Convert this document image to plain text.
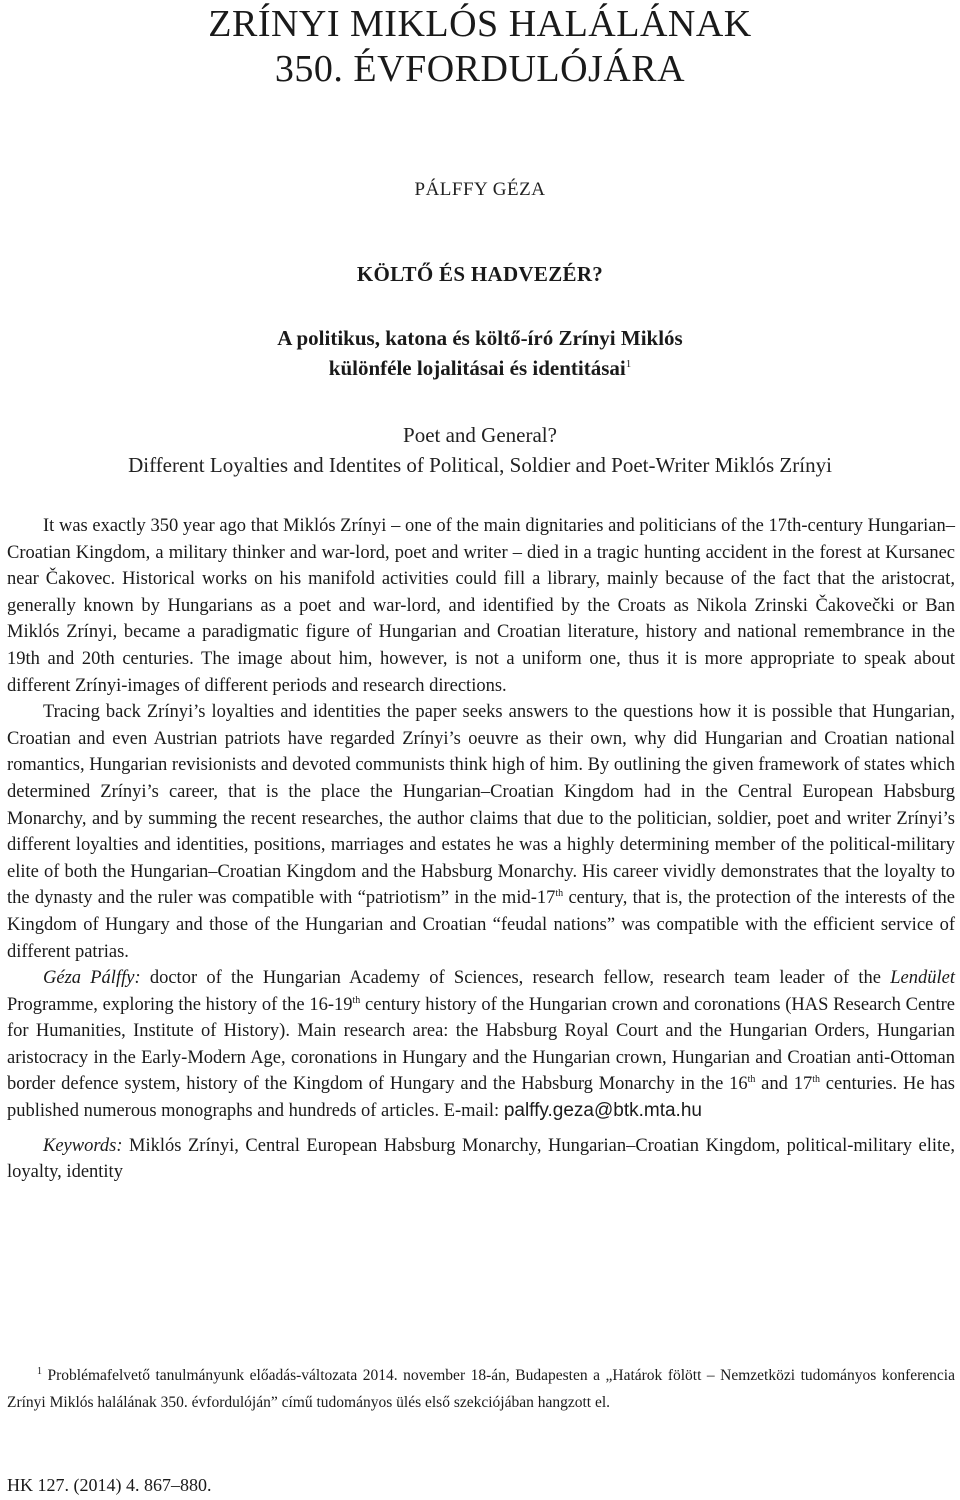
ZRÍNYI MIKLÓS HALÁLÁNAK
350. ÉVFORDULÓJÁRA
PÁLFFY GÉZA
KÖLTŐ ÉS HADVEZÉR?
A politikus, katona és költő-író Zrínyi Miklós
különféle lojalitásai és identitásai$^1$
Poet and General?
Different Loyalties and Identites of Political, Soldier and Poet-Writer Miklós Zrínyi

It was exactly 350 year ago that Miklós Zrínyi – one of the main dignitaries and politicians of the 17th-century Hungarian–Croatian Kingdom, a military thinker and war-lord, poet and writer – died in a tragic hunting accident in the forest at Kursanec near Čakovec. Historical works on his manifold activities could fill a library, mainly because of the fact that the aristocrat, generally known by Hungarians as a poet and war-lord, and identified by the Croats as Nikola Zrinski Čakovečki or Ban Miklós Zrínyi, became a paradigmatic figure of Hungarian and Croatian literature, history and national remembrance in the 19th and 20th centuries. The image about him, however, is not a uniform one, thus it is more appropriate to speak about different Zrínyi-images of different periods and research directions.

Tracing back Zrínyi’s loyalties and identities the paper seeks answers to the questions how it is possible that Hungarian, Croatian and even Austrian patriots have regarded Zrínyi’s oeuvre as their own, why did Hungarian and Croatian national romantics, Hungarian revisionists and devoted communists think high of him. By outlining the given framework of states which determined Zrínyi’s career, that is the place the Hungarian–Croatian Kingdom had in the Central European Habsburg Monarchy, and by summing the recent researches, the author claims that due to the politician, soldier, poet and writer Zrínyi’s different loyalties and identities, positions, marriages and estates he was a highly determining member of the political-military elite of both the Hungarian–Croatian Kingdom and the Habsburg Monarchy. His career vividly demonstrates that the loyalty to the dynasty and the ruler was compatible with “patriotism” in the mid-17th century, that is, the protection of the interests of the Kingdom of Hungary and those of the Hungarian and Croatian “feudal nations” was compatible with the efficient service of different patrias.

Géza Pálffy: doctor of the Hungarian Academy of Sciences, research fellow, research team leader of the Lendület Programme, exploring the history of the 16-19th century history of the Hungarian crown and coronations (HAS Research Centre for Humanities, Institute of History). Main research area: the Habsburg Royal Court and the Hungarian Orders, Hungarian aristocracy in the Early-Modern Age, coronations in Hungary and the Hungarian crown, Hungarian and Croatian anti-Ottoman border defence system, history of the Kingdom of Hungary and the Habsburg Monarchy in the 16th and 17th centuries. He has published numerous monographs and hundreds of articles. E-mail: palffy.geza@btk.mta.hu

Keywords: Miklós Zrínyi, Central European Habsburg Monarchy, Hungarian–Croatian Kingdom, political-military elite, loyalty, identity

$^1$ Problémafelvető tanulmányunk előadás-változata 2014. november 18-án, Budapesten a „Határok fölött – Nemzetközi tudományos konferencia Zrínyi Miklós halálának 350. évfordulóján” című tudományos ülés első szekciójában hangzott el.

HK 127. (2014) 4. 867–880.
